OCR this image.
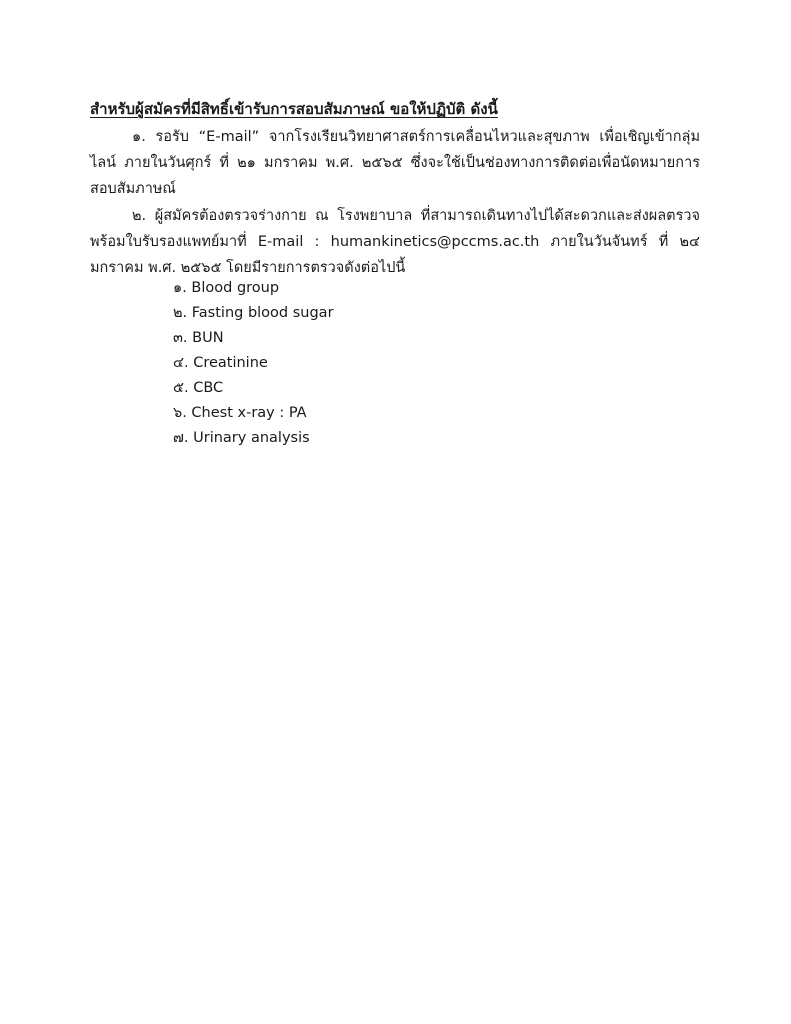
สำหรับผู้สมัครที่มีสิทธิ์เข้ารับการสอบสัมภาษณ์ ขอให้ปฏิบัติ ดังนี้
๑. รอรับ “E-mail” จากโรงเรียนวิทยาศาสตร์การเคลื่อนไหวและสุขภาพ เพื่อเชิญเข้ากลุ่มไลน์ ภายในวันศุกร์ ที่ ๒๑ มกราคม พ.ศ. ๒๕๖๕ ซึ่งจะใช้เป็นช่องทางการติดต่อเพื่อนัดหมายการสอบสัมภาษณ์
๒. ผู้สมัครต้องตรวจร่างกาย ณ โรงพยาบาล ที่สามารถเดินทางไปได้สะดวกและส่งผลตรวจพร้อมใบรับรองแพทย์มาที่ E-mail : humankinetics@pccms.ac.th ภายในวันจันทร์ ที่ ๒๔ มกราคม พ.ศ. ๒๕๖๕ โดยมีรายการตรวจดังต่อไปนี้
๑. Blood group
๒. Fasting blood sugar
๓. BUN
๔. Creatinine
๕. CBC
๖. Chest x-ray : PA
๗. Urinary analysis
